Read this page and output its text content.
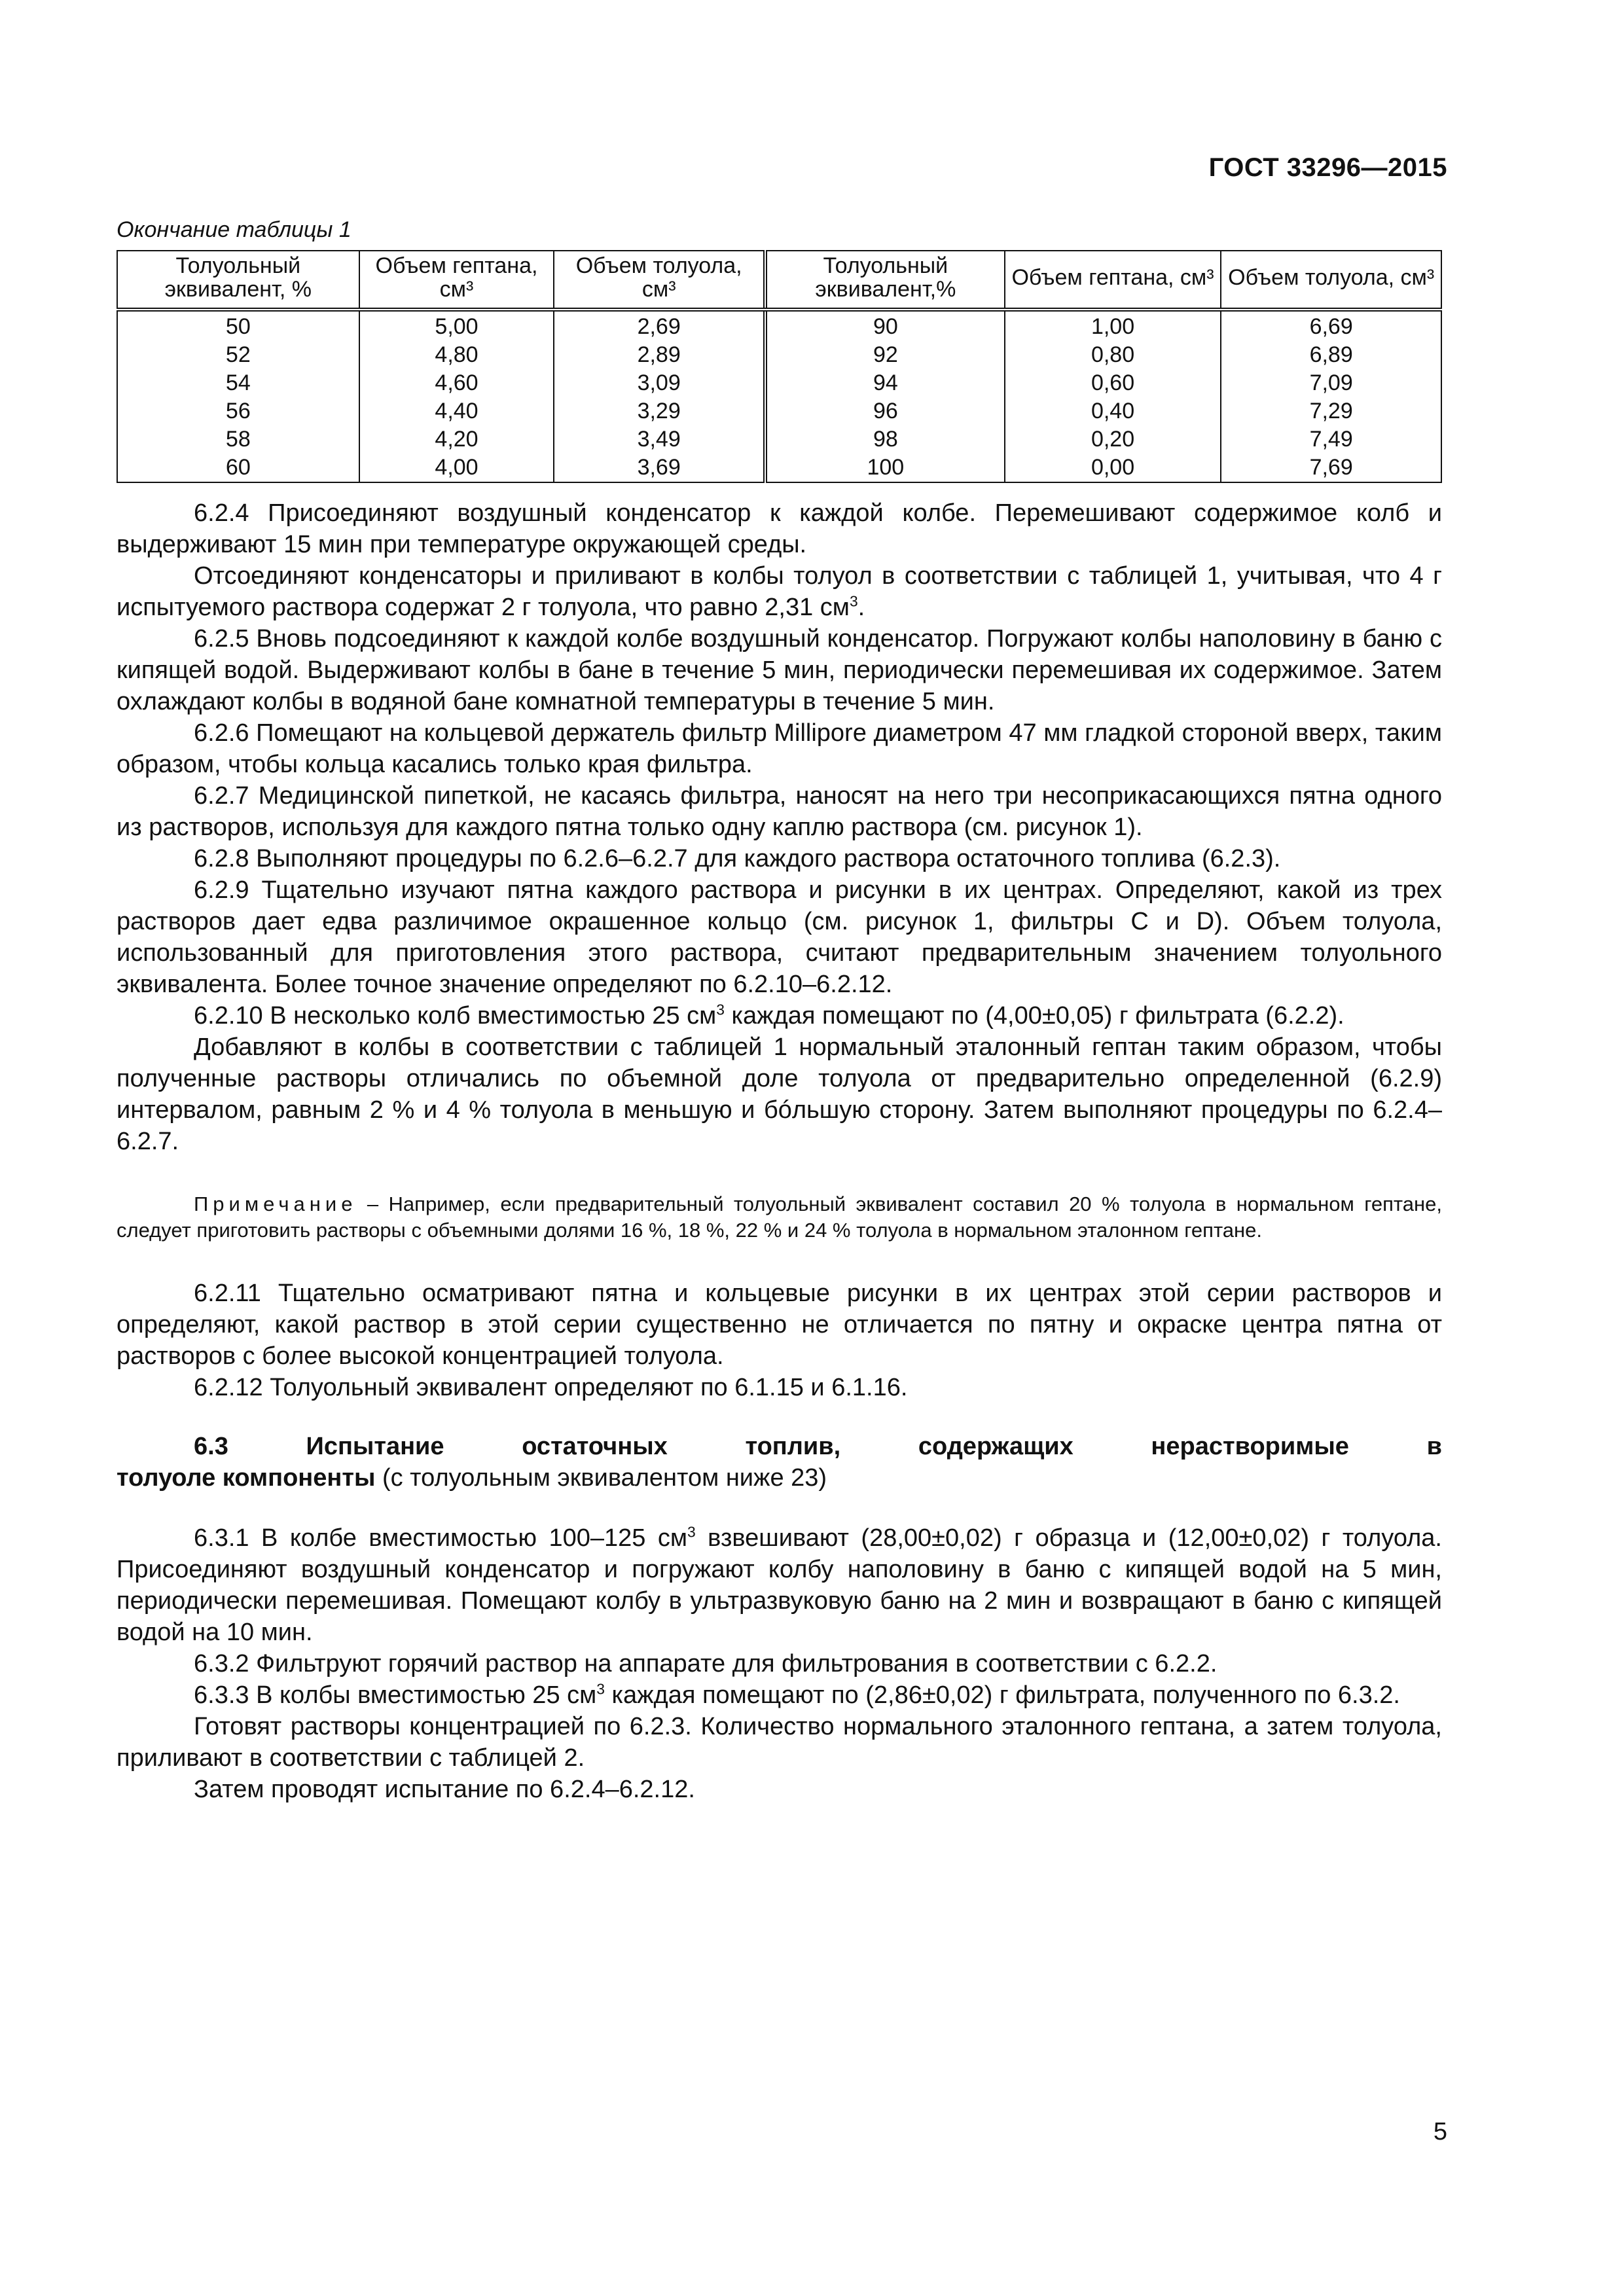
ГОСТ 33296—2015
Окончание таблицы 1
Толуольный эквивалент, %	Объем гептана, см³	Объем толуола, см³	Толуольный эквивалент,%	Объем гептана, см³	Объем толуола, см³
50	5,00	2,69	90	1,00	6,69
52	4,80	2,89	92	0,80	6,89
54	4,60	3,09	94	0,60	7,09
56	4,40	3,29	96	0,40	7,29
58	4,20	3,49	98	0,20	7,49
60	4,00	3,69	100	0,00	7,69

6.2.4 Присоединяют воздушный конденсатор к каждой колбе. Перемешивают содержимое колб и выдерживают 15 мин при температуре окружающей среды.

Отсоединяют конденсаторы и приливают в колбы толуол в соответствии с таблицей 1, учитывая, что 4 г испытуемого раствора содержат 2 г толуола, что равно 2,31 $см^3$.

6.2.5 Вновь подсоединяют к каждой колбе воздушный конденсатор. Погружают колбы наполовину в баню с кипящей водой. Выдерживают колбы в бане в течение 5 мин, периодически перемешивая их содержимое. Затем охлаждают колбы в водяной бане комнатной температуры в течение 5 мин.

6.2.6 Помещают на кольцевой держатель фильтр Millipore диаметром 47 мм гладкой стороной вверх, таким образом, чтобы кольца касались только края фильтра.

6.2.7 Медицинской пипеткой, не касаясь фильтра, наносят на него три несоприкасающихся пятна одного из растворов, используя для каждого пятна только одну каплю раствора (см. рисунок 1).

6.2.8 Выполняют процедуры по 6.2.6–6.2.7 для каждого раствора остаточного топлива (6.2.3).

6.2.9 Тщательно изучают пятна каждого раствора и рисунки в их центрах. Определяют, какой из трех растворов дает едва различимое окрашенное кольцо (см. рисунок 1, фильтры С и D). Объем толуола, использованный для приготовления этого раствора, считают предварительным значением толуольного эквивалента. Более точное значение определяют по 6.2.10–6.2.12.

6.2.10 В несколько колб вместимостью 25 $см^3$ каждая помещают по (4,00±0,05) г фильтрата (6.2.2).

Добавляют в колбы в соответствии с таблицей 1 нормальный эталонный гептан таким образом, чтобы полученные растворы отличались по объемной доле толуола от предварительно определенной (6.2.9) интервалом, равным 2 % и 4 % толуола в меньшую и бóльшую сторону. Затем выполняют процедуры по 6.2.4–6.2.7.

Примечание – Например, если предварительный толуольный эквивалент составил 20 % толуола в нормальном гептане, следует приготовить растворы с объемными долями 16 %, 18 %, 22 % и 24 % толуола в нормальном эталонном гептане.

6.2.11 Тщательно осматривают пятна и кольцевые рисунки в их центрах этой серии растворов и определяют, какой раствор в этой серии существенно не отличается по пятну и окраске центра пятна от растворов с более высокой концентрацией толуола.

6.2.12 Толуольный эквивалент определяют по 6.1.15 и 6.1.16.

6.3	Испытание	остаточных	топлив,	содержащих	нерастворимые	в
толуоле компоненты (с толуольным эквивалентом ниже 23)

6.3.1 В колбе вместимостью 100–125 $см^3$ взвешивают (28,00±0,02) г образца и (12,00±0,02) г толуола. Присоединяют воздушный конденсатор и погружают колбу наполовину в баню с кипящей водой на 5 мин, периодически перемешивая. Помещают колбу в ультразвуковую баню на 2 мин и возвращают в баню с кипящей водой на 10 мин.

6.3.2 Фильтруют горячий раствор на аппарате для фильтрования в соответствии с 6.2.2.

6.3.3 В колбы вместимостью 25 $см^3$ каждая помещают по (2,86±0,02) г фильтрата, полученного по 6.3.2.

Готовят растворы концентрацией по 6.2.3. Количество нормального эталонного гептана, а затем толуола, приливают в соответствии с таблицей 2.

Затем проводят испытание по 6.2.4–6.2.12.

5
